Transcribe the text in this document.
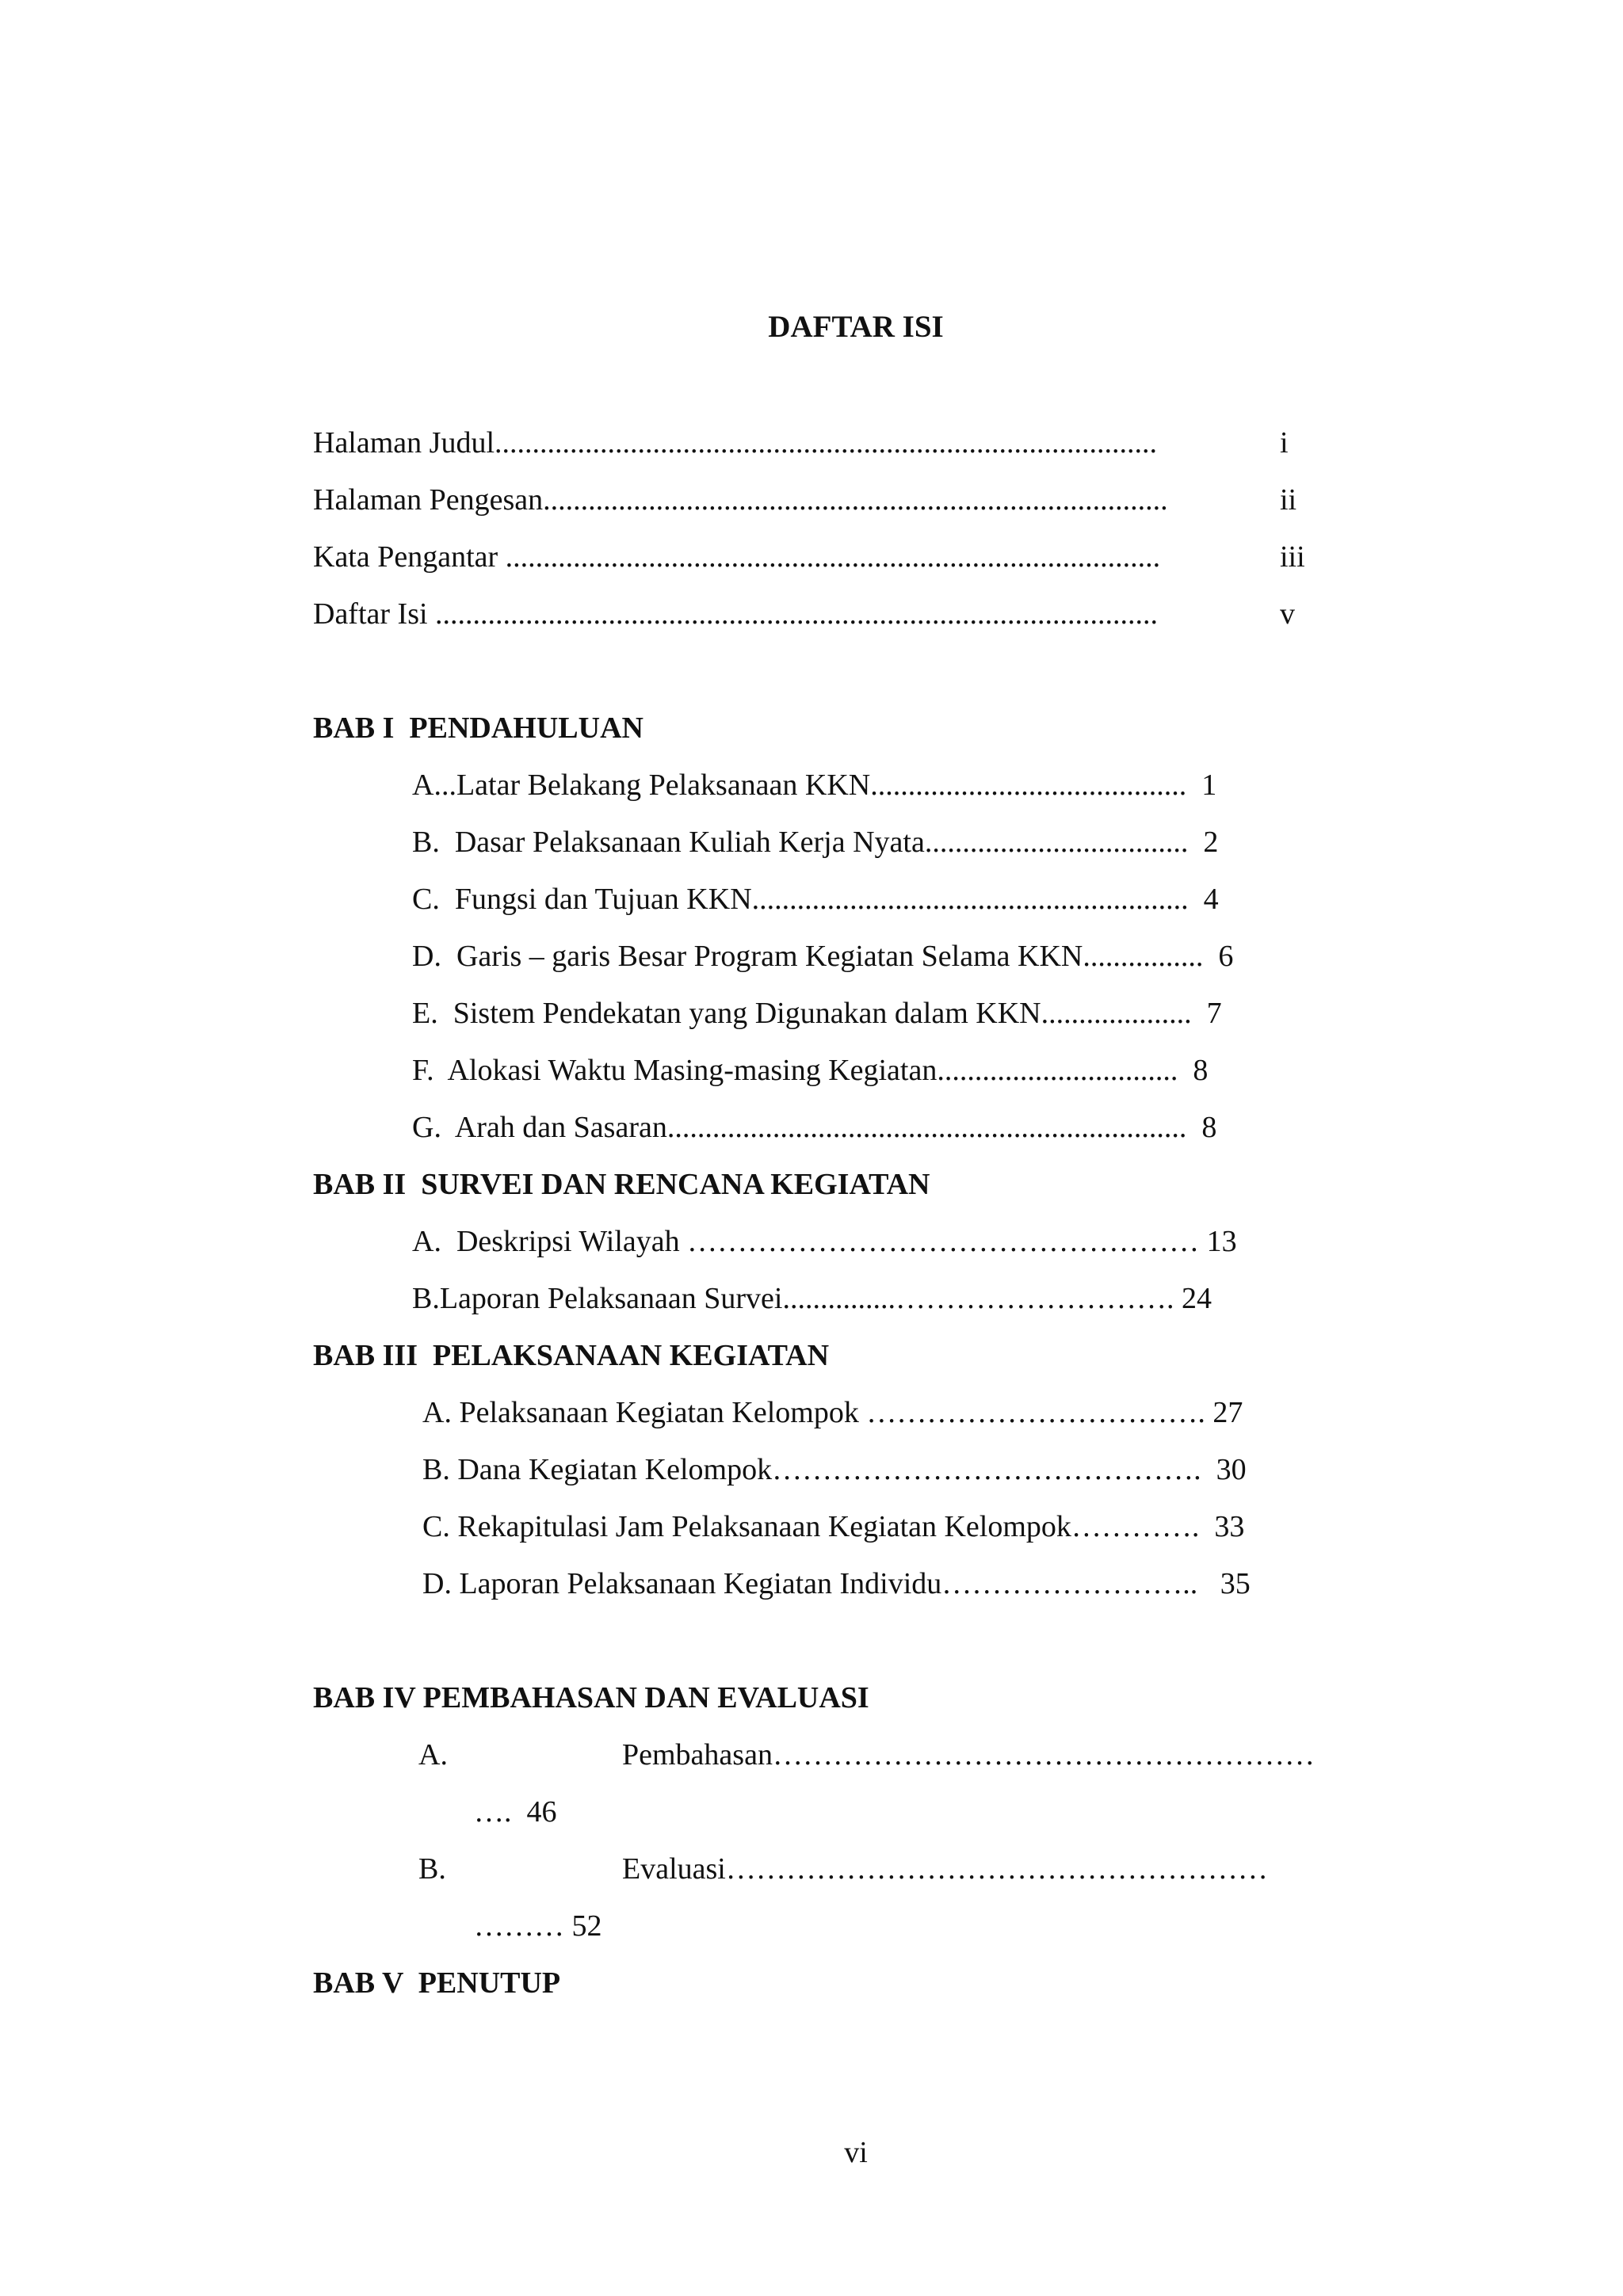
DAFTAR ISI
Halaman Judul........................................................................................	i
Halaman Pengesan...................................................................................	ii
Kata Pengantar .......................................................................................	iii
Daftar Isi ................................................................................................	v
BAB I  PENDAHULUAN
A...Latar Belakang Pelaksanaan KKN..........................................  1
B.  Dasar Pelaksanaan Kuliah Kerja Nyata...................................  2
C.  Fungsi dan Tujuan KKN..........................................................  4
D.  Garis – garis Besar Program Kegiatan Selama KKN................  6
E.  Sistem Pendekatan yang Digunakan dalam KKN....................  7
F.  Alokasi Waktu Masing-masing Kegiatan................................  8
G.  Arah dan Sasaran.....................................................................  8
BAB II  SURVEI DAN RENCANA KEGIATAN
A.  Deskripsi Wilayah …………………………………………… 13
B.Laporan Pelaksanaan Survei...............………………………. 24
BAB III  PELAKSANAAN KEGIATAN
A. Pelaksanaan Kegiatan Kelompok ……………………………. 27
B. Dana Kegiatan Kelompok…………………………………….  30
C. Rekapitulasi Jam Pelaksanaan Kegiatan Kelompok………….  33
D. Laporan Pelaksanaan Kegiatan Individu……………………..   35
BAB IV PEMBAHASAN DAN EVALUASI
A.	Pembahasan………………………………………………
….  46
B.	Evaluasi………………………………………………
……… 52
BAB V  PENUTUP
vi
